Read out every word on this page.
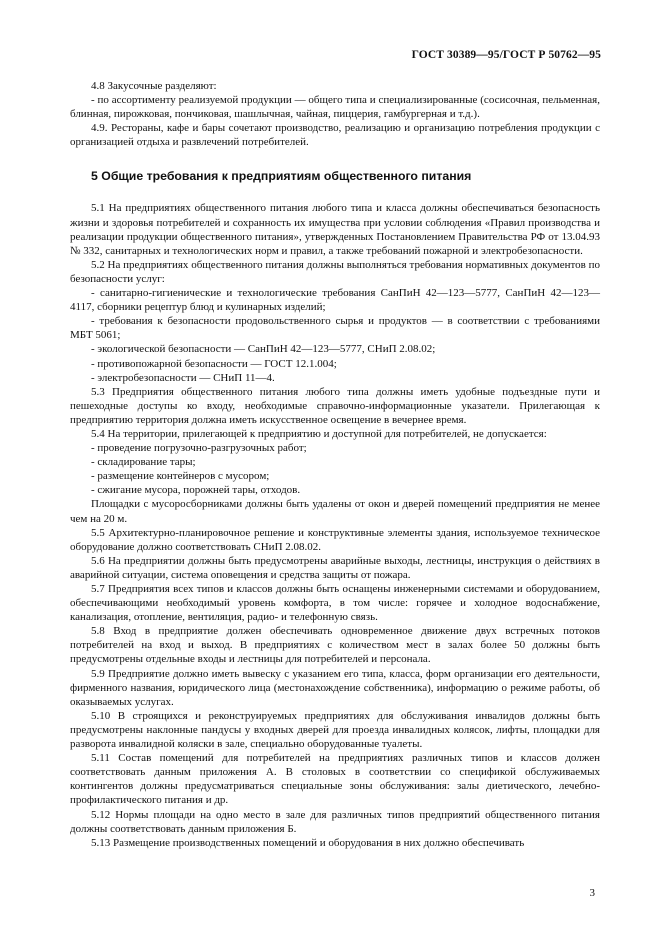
ГОСТ 30389—95/ГОСТ Р 50762—95

4.8 Закусочные разделяют:

- по ассортименту реализуемой продукции — общего типа и специализированные (сосисочная, пельменная, блинная, пирожковая, пончиковая, шашлычная, чайная, пиццерия, гамбургерная и т.д.).

4.9. Рестораны, кафе и бары сочетают производство, реализацию и организацию потребления продукции с организацией отдыха и развлечений потребителей.

5 Общие требования к предприятиям общественного питания

5.1 На предприятиях общественного питания любого типа и класса должны обеспечиваться безопасность жизни и здоровья потребителей и сохранность их имущества при условии соблюдения «Правил производства и реализации продукции общественного питания», утвержденных Постановлением Правительства РФ от 13.04.93 № 332, санитарных и технологических норм и правил, а также требований пожарной и электробезопасности.

5.2 На предприятиях общественного питания должны выполняться требования нормативных документов по безопасности услуг:

- санитарно-гигиенические и технологические требования СанПиН 42—123—5777, СанПиН 42—123—4117, сборники рецептур блюд и кулинарных изделий;

- требования к безопасности продовольственного сырья и продуктов — в соответствии с требованиями МБТ 5061;

- экологической безопасности — СанПиН 42—123—5777, СНиП 2.08.02;

- противопожарной безопасности — ГОСТ 12.1.004;

- электробезопасности — СНиП 11—4.

5.3 Предприятия общественного питания любого типа должны иметь удобные подъездные пути и пешеходные доступы ко входу, необходимые справочно-информационные указатели. Прилегающая к предприятию территория должна иметь искусственное освещение в вечернее время.

5.4 На территории, прилегающей к предприятию и доступной для потребителей, не допускается:

- проведение погрузочно-разгрузочных работ;

- складирование тары;

- размещение контейнеров с мусором;

- сжигание мусора, порожней тары, отходов.

Площадки с мусоросборниками должны быть удалены от окон и дверей помещений предприятия не менее чем на 20 м.

5.5 Архитектурно-планировочное решение и конструктивные элементы здания, используемое техническое оборудование должно соответствовать СНиП 2.08.02.

5.6 На предприятии должны быть предусмотрены аварийные выходы, лестницы, инструкция о действиях в аварийной ситуации, система оповещения и средства защиты от пожара.

5.7 Предприятия всех типов и классов должны быть оснащены инженерными системами и оборудованием, обеспечивающими необходимый уровень комфорта, в том числе: горячее и холодное водоснабжение, канализация, отопление, вентиляция, радио- и телефонную связь.

5.8 Вход в предприятие должен обеспечивать одновременное движение двух встречных потоков потребителей на вход и выход. В предприятиях с количеством мест в залах более 50 должны быть предусмотрены отдельные входы и лестницы для потребителей и персонала.

5.9 Предприятие должно иметь вывеску с указанием его типа, класса, форм организации его деятельности, фирменного названия, юридического лица (местонахождение собственника), информацию о режиме работы, об оказываемых услугах.

5.10 В строящихся и реконструируемых предприятиях для обслуживания инвалидов должны быть предусмотрены наклонные пандусы у входных дверей для проезда инвалидных колясок, лифты, площадки для разворота инвалидной коляски в зале, специально оборудованные туалеты.

5.11 Состав помещений для потребителей на предприятиях различных типов и классов должен соответствовать данным приложения А. В столовых в соответствии со спецификой обслуживаемых контингентов должны предусматриваться специальные зоны обслуживания: залы диетического, лечебно-профилактического питания и др.

5.12 Нормы площади на одно место в зале для различных типов предприятий общественного питания должны соответствовать данным приложения Б.

5.13 Размещение производственных помещений и оборудования в них должно обеспечивать

3
